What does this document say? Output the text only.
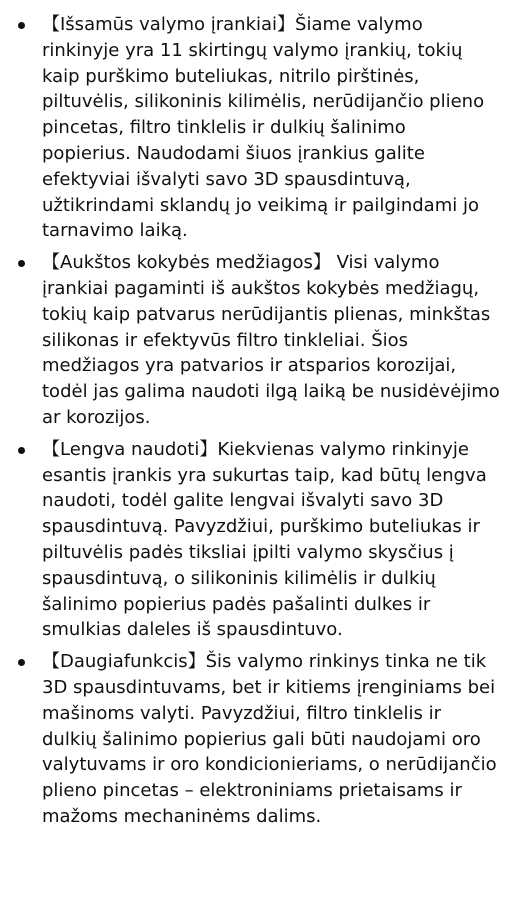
【Išsamūs valymo įrankiai】Šiame valymo rinkinyje yra 11 skirtingų valymo įrankių, tokių kaip purškimo buteliukas, nitrilo pirštinės, piltuvėlis, silikoninis kilimėlis, nerūdijančio plieno pincetas, filtro tinklelis ir dulkių šalinimo popierius. Naudodami šiuos įrankius galite efektyviai išvalyti savo 3D spausdintuvą, užtikrindami sklandų jo veikimą ir pailgindami jo tarnavimo laiką.
【Aukštos kokybės medžiagos】 Visi valymo įrankiai pagaminti iš aukštos kokybės medžiagų, tokių kaip patvarus nerūdijantis plienas, minkštas silikonas ir efektyvūs filtro tinkleliai. Šios medžiagos yra patvarios ir atsparios korozijai, todėl jas galima naudoti ilgą laiką be nusidėvėjimo ar korozijos.
【Lengva naudoti】Kiekvienas valymo rinkinyje esantis įrankis yra sukurtas taip, kad būtų lengva naudoti, todėl galite lengvai išvalyti savo 3D spausdintuvą. Pavyzdžiui, purškimo buteliukas ir piltuvėlis padės tiksliai įpilti valymo skysčius į spausdintuvą, o silikoninis kilimėlis ir dulkių šalinimo popierius padės pašalinti dulkes ir smulkias daleles iš spausdintuvo.
【Daugiafunkcis】Šis valymo rinkinys tinka ne tik 3D spausdintuvams, bet ir kitiems įrenginiams bei mašinoms valyti. Pavyzdžiui, filtro tinklelis ir dulkių šalinimo popierius gali būti naudojami oro valytuvams ir oro kondicionieriams, o nerūdijančio plieno pincetas – elektroniniams prietaisams ir mažoms mechaninėms dalims.
